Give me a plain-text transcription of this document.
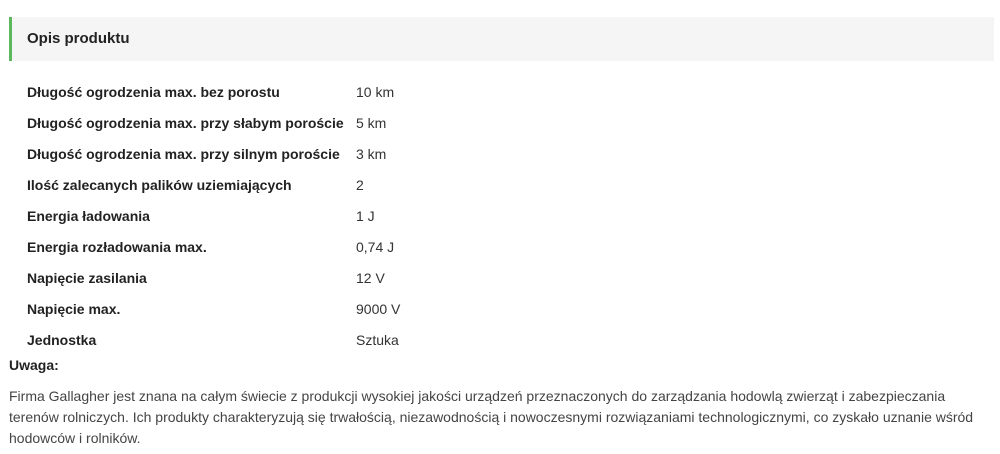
Opis produktu
Długość ogrodzenia max. bez porostu	10 km
Długość ogrodzenia max. przy słabym poroście	5 km
Długość ogrodzenia max. przy silnym poroście	3 km
Ilość zalecanych palików uziemiających	2
Energia ładowania	1 J
Energia rozładowania max.	0,74 J
Napięcie zasilania	12 V
Napięcie max.	9000 V
Jednostka	Sztuka
Uwaga:

Firma Gallagher jest znana na całym świecie z produkcji wysokiej jakości urządzeń przeznaczonych do zarządzania hodowlą zwierząt i zabezpieczania terenów rolniczych. Ich produkty charakteryzują się trwałością, niezawodnością i nowoczesnymi rozwiązaniami technologicznymi, co zyskało uznanie wśród hodowców i rolników.
